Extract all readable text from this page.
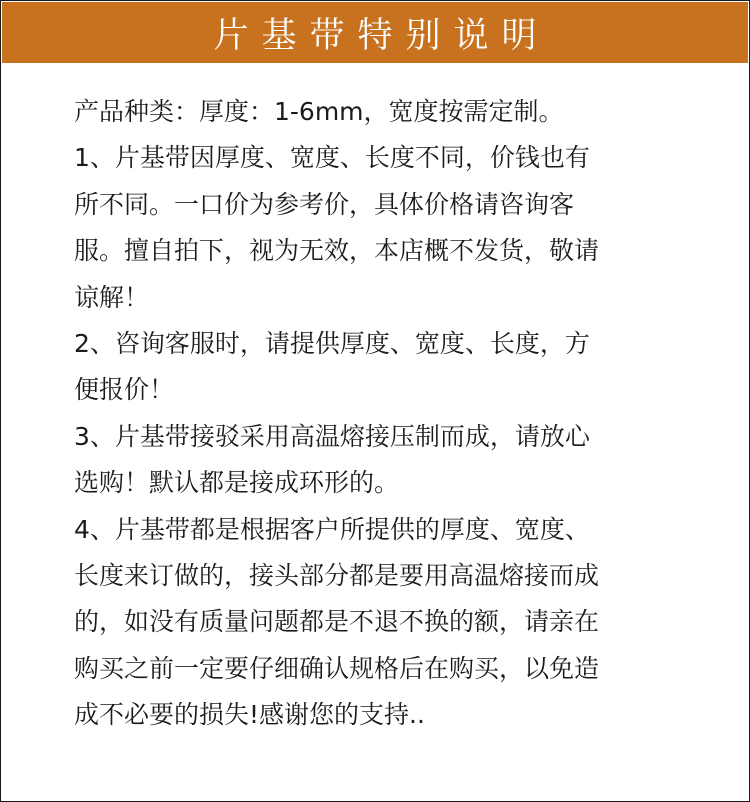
片基带特别说明
产品种类：厚度：1-6mm，宽度按需定制。
1、片基带因厚度、宽度、长度不同，价钱也有
所不同。一口价为参考价，具体价格请咨询客
服。擅自拍下，视为无效，本店概不发货，敬请
谅解！
2、咨询客服时，请提供厚度、宽度、长度，方
便报价！
3、片基带接驳采用高温熔接压制而成，请放心
选购！默认都是接成环形的。
4、片基带都是根据客户所提供的厚度、宽度、
长度来订做的，接头部分都是要用高温熔接而成
的，如没有质量问题都是不退不换的额，请亲在
购买之前一定要仔细确认规格后在购买，以免造
成不必要的损失!感谢您的支持..
